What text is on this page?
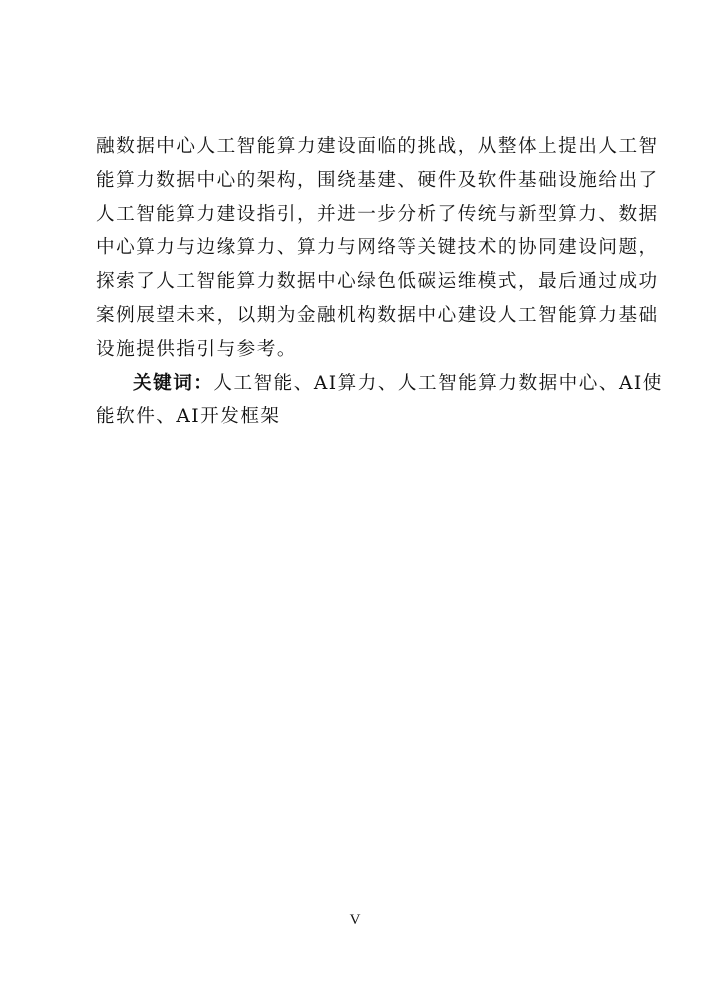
融数据中心人工智能算力建设面临的挑战，从整体上提出人工智
能算力数据中心的架构，围绕基建、硬件及软件基础设施给出了
人工智能算力建设指引，并进一步分析了传统与新型算力、数据
中心算力与边缘算力、算力与网络等关键技术的协同建设问题，
探索了人工智能算力数据中心绿色低碳运维模式，最后通过成功
案例展望未来，以期为金融机构数据中心建设人工智能算力基础
设施提供指引与参考。
关键词：人工智能、AI算力、人工智能算力数据中心、AI使
能软件、AI开发框架
V
